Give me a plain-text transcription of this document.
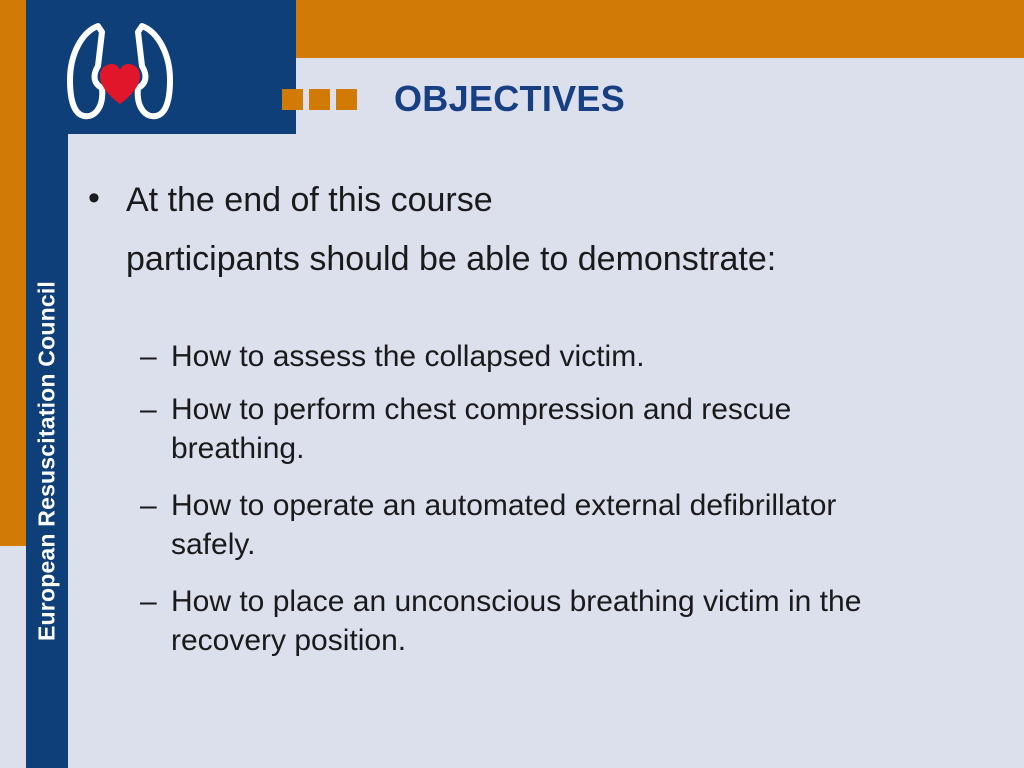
European Resuscitation Council
OBJECTIVES
• At the end of this course
participants should be able to demonstrate:
– How to assess the collapsed victim.
– How to perform chest compression and rescue
breathing.
– How to operate an automated external defibrillator
safely.
– How to place an unconscious breathing victim in the
recovery position.
